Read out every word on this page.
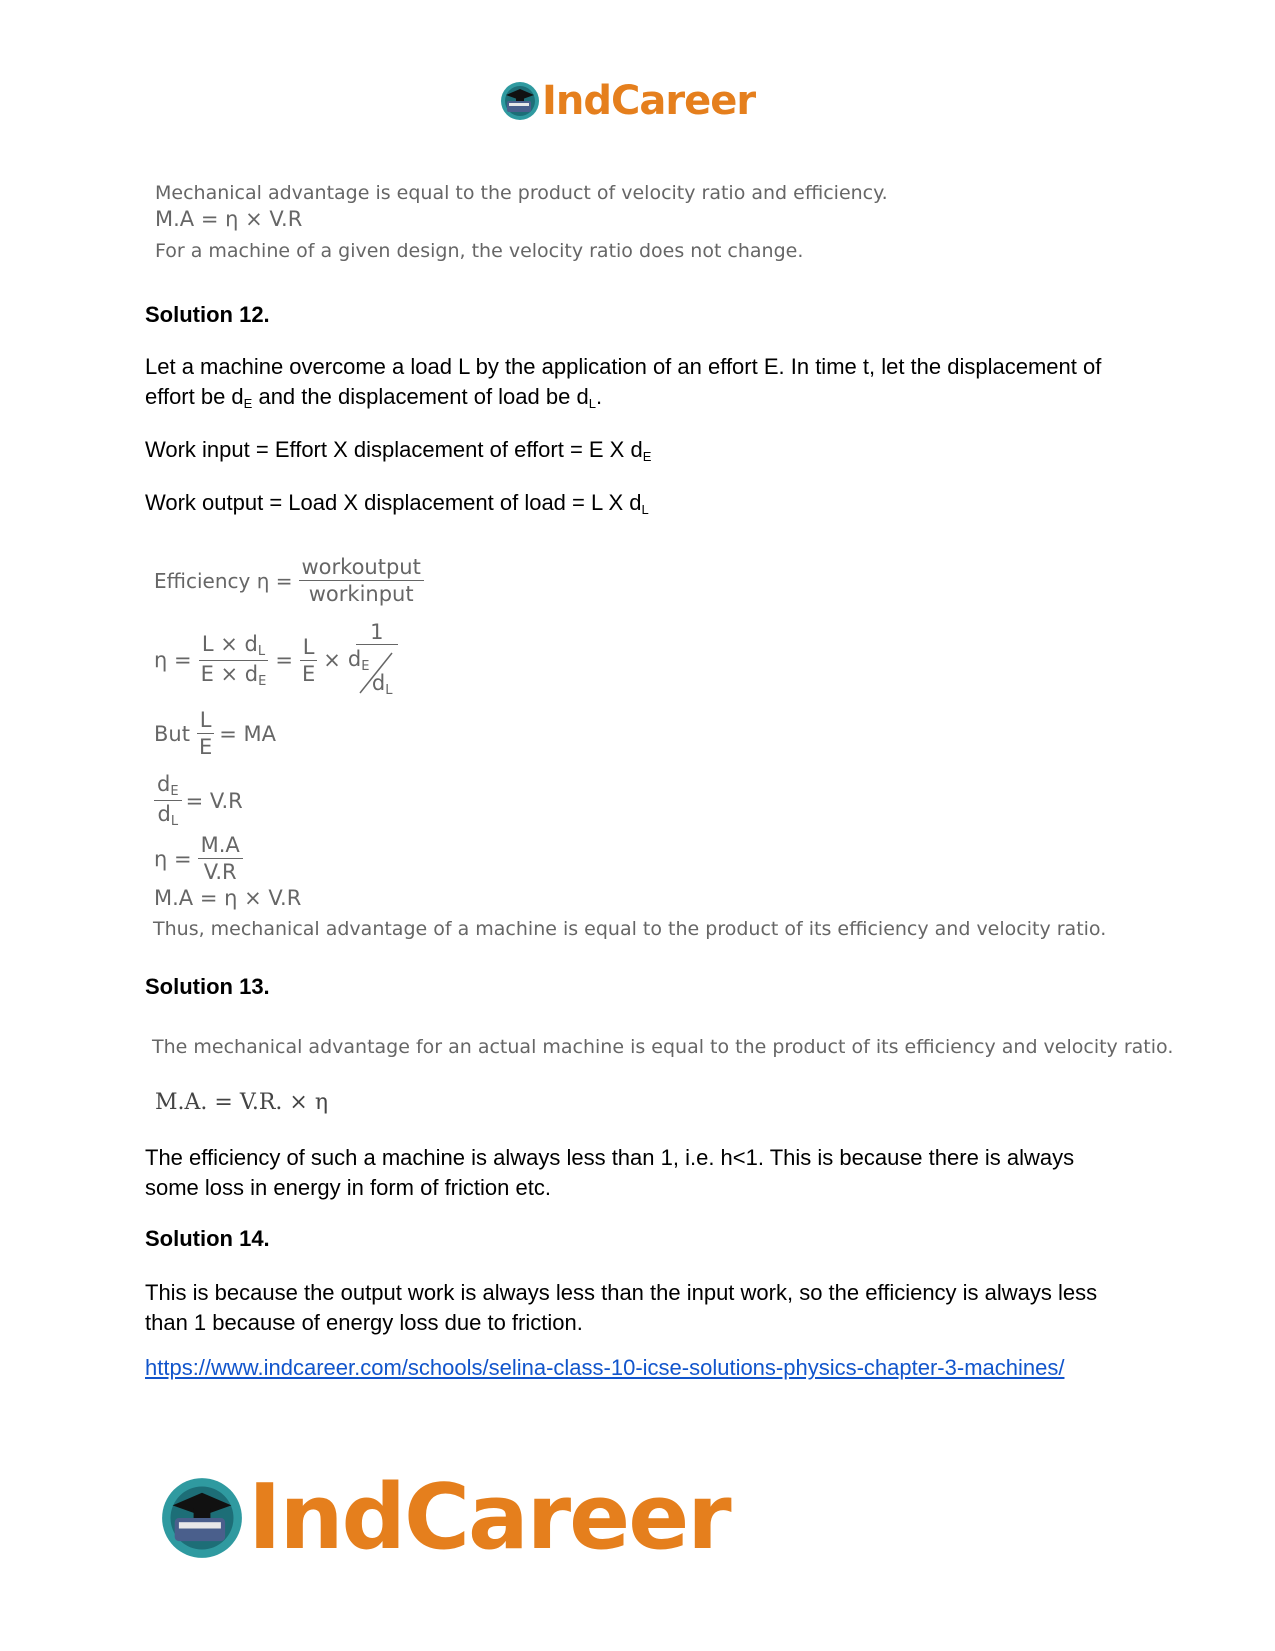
IndCareer
Mechanical advantage is equal to the product of velocity ratio and efficiency.
M.A = η × V.R
For a machine of a given design, the velocity ratio does not change.
Solution 12.
Let a machine overcome a load L by the application of an effort E. In time t, let the displacement of effort be $d_E$ and the displacement of load be $d_L$.
Work input = Effort X displacement of effort = E X $d_E$
Work output = Load X displacement of load = L X $d_L$
Efficiency $\eta = \frac{\text{workoutput}}{\text{workinput}}$
$\eta = \frac{L \times d_L}{E \times d_E} = \frac{L}{E} \times 1$
$d_E$
$d_L$
But $\frac{L}{E}$ = MA
$\frac{d_E}{d_L} = V.R$
$\eta = \frac{M.A}{V.R}$
M.A = η × V.R
Thus, mechanical advantage of a machine is equal to the product of its efficiency and velocity ratio.
Solution 13.
The mechanical advantage for an actual machine is equal to the product of its efficiency and velocity ratio.
M.A. = V.R. × η
The efficiency of such a machine is always less than 1, i.e. h<1. This is because there is always some loss in energy in form of friction etc.
Solution 14.
This is because the output work is always less than the input work, so the efficiency is always less than 1 because of energy loss due to friction.
https://www.indcareer.com/schools/selina-class-10-icse-solutions-physics-chapter-3-machines/
IndCareer
